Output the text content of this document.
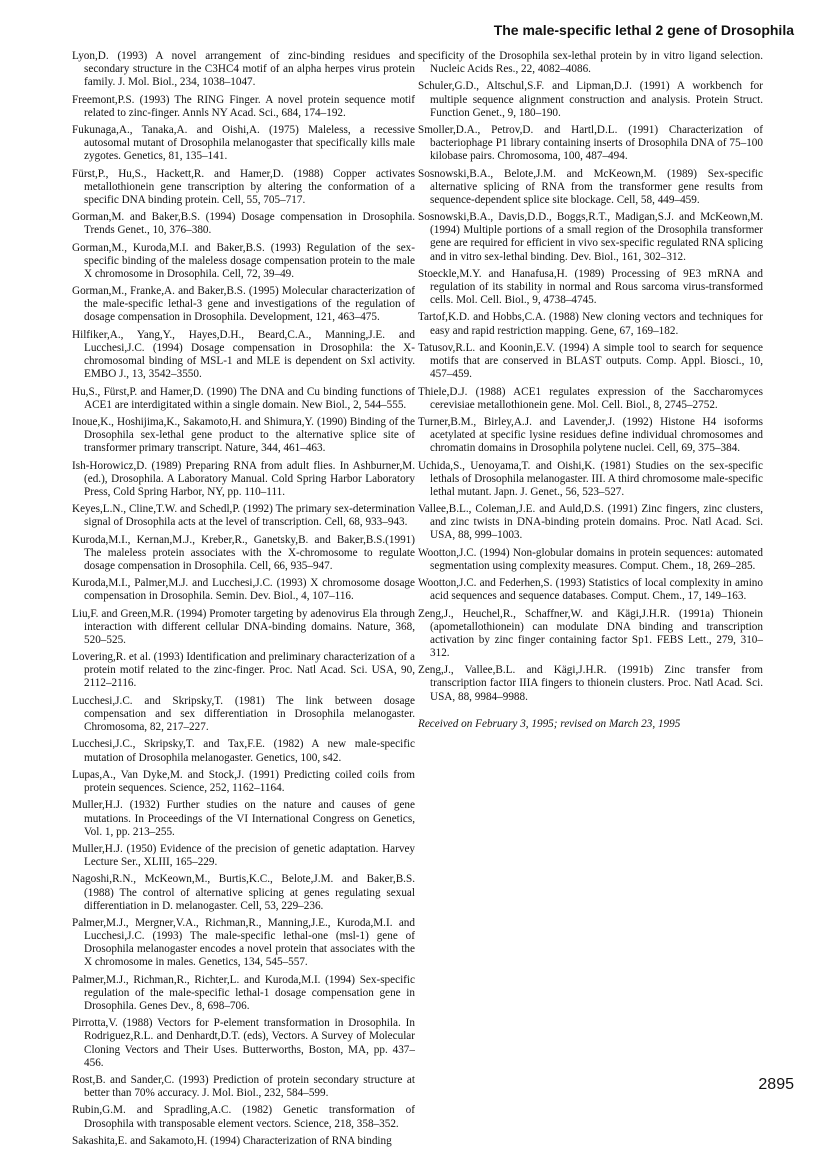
The male-specific lethal 2 gene of Drosophila

Lyon,D. (1993) A novel arrangement of zinc-binding residues and secondary structure in the C3HC4 motif of an alpha herpes virus protein family. J. Mol. Biol., 234, 1038–1047.

Freemont,P.S. (1993) The RING Finger. A novel protein sequence motif related to zinc-finger. Annls NY Acad. Sci., 684, 174–192.

Fukunaga,A., Tanaka,A. and Oishi,A. (1975) Maleless, a recessive autosomal mutant of Drosophila melanogaster that specifically kills male zygotes. Genetics, 81, 135–141.

Fürst,P., Hu,S., Hackett,R. and Hamer,D. (1988) Copper activates metallothionein gene transcription by altering the conformation of a specific DNA binding protein. Cell, 55, 705–717.

Gorman,M. and Baker,B.S. (1994) Dosage compensation in Drosophila. Trends Genet., 10, 376–380.

Gorman,M., Kuroda,M.I. and Baker,B.S. (1993) Regulation of the sex-specific binding of the maleless dosage compensation protein to the male X chromosome in Drosophila. Cell, 72, 39–49.

Gorman,M., Franke,A. and Baker,B.S. (1995) Molecular characterization of the male-specific lethal-3 gene and investigations of the regulation of dosage compensation in Drosophila. Development, 121, 463–475.

Hilfiker,A., Yang,Y., Hayes,D.H., Beard,C.A., Manning,J.E. and Lucchesi,J.C. (1994) Dosage compensation in Drosophila: the X-chromosomal binding of MSL-1 and MLE is dependent on Sxl activity. EMBO J., 13, 3542–3550.

Hu,S., Fürst,P. and Hamer,D. (1990) The DNA and Cu binding functions of ACE1 are interdigitated within a single domain. New Biol., 2, 544–555.

Inoue,K., Hoshijima,K., Sakamoto,H. and Shimura,Y. (1990) Binding of the Drosophila sex-lethal gene product to the alternative splice site of transformer primary transcript. Nature, 344, 461–463.

Ish-Horowicz,D. (1989) Preparing RNA from adult flies. In Ashburner,M. (ed.), Drosophila. A Laboratory Manual. Cold Spring Harbor Laboratory Press, Cold Spring Harbor, NY, pp. 110–111.

Keyes,L.N., Cline,T.W. and Schedl,P. (1992) The primary sex-determination signal of Drosophila acts at the level of transcription. Cell, 68, 933–943.

Kuroda,M.I., Kernan,M.J., Kreber,R., Ganetsky,B. and Baker,B.S.(1991) The maleless protein associates with the X-chromosome to regulate dosage compensation in Drosophila. Cell, 66, 935–947.

Kuroda,M.I., Palmer,M.J. and Lucchesi,J.C. (1993) X chromosome dosage compensation in Drosophila. Semin. Dev. Biol., 4, 107–116.

Liu,F. and Green,M.R. (1994) Promoter targeting by adenovirus Ela through interaction with different cellular DNA-binding domains. Nature, 368, 520–525.

Lovering,R. et al. (1993) Identification and preliminary characterization of a protein motif related to the zinc-finger. Proc. Natl Acad. Sci. USA, 90, 2112–2116.

Lucchesi,J.C. and Skripsky,T. (1981) The link between dosage compensation and sex differentiation in Drosophila melanogaster. Chromosoma, 82, 217–227.

Lucchesi,J.C., Skripsky,T. and Tax,F.E. (1982) A new male-specific mutation of Drosophila melanogaster. Genetics, 100, s42.

Lupas,A., Van Dyke,M. and Stock,J. (1991) Predicting coiled coils from protein sequences. Science, 252, 1162–1164.

Muller,H.J. (1932) Further studies on the nature and causes of gene mutations. In Proceedings of the VI International Congress on Genetics, Vol. 1, pp. 213–255.

Muller,H.J. (1950) Evidence of the precision of genetic adaptation. Harvey Lecture Ser., XLIII, 165–229.

Nagoshi,R.N., McKeown,M., Burtis,K.C., Belote,J.M. and Baker,B.S. (1988) The control of alternative splicing at genes regulating sexual differentiation in D. melanogaster. Cell, 53, 229–236.

Palmer,M.J., Mergner,V.A., Richman,R., Manning,J.E., Kuroda,M.I. and Lucchesi,J.C. (1993) The male-specific lethal-one (msl-1) gene of Drosophila melanogaster encodes a novel protein that associates with the X chromosome in males. Genetics, 134, 545–557.

Palmer,M.J., Richman,R., Richter,L. and Kuroda,M.I. (1994) Sex-specific regulation of the male-specific lethal-1 dosage compensation gene in Drosophila. Genes Dev., 8, 698–706.

Pirrotta,V. (1988) Vectors for P-element transformation in Drosophila. In Rodriguez,R.L. and Denhardt,D.T. (eds), Vectors. A Survey of Molecular Cloning Vectors and Their Uses. Butterworths, Boston, MA, pp. 437–456.

Rost,B. and Sander,C. (1993) Prediction of protein secondary structure at better than 70% accuracy. J. Mol. Biol., 232, 584–599.

Rubin,G.M. and Spradling,A.C. (1982) Genetic transformation of Drosophila with transposable element vectors. Science, 218, 358–352.

Sakashita,E. and Sakamoto,H. (1994) Characterization of RNA binding

specificity of the Drosophila sex-lethal protein by in vitro ligand selection. Nucleic Acids Res., 22, 4082–4086.

Schuler,G.D., Altschul,S.F. and Lipman,D.J. (1991) A workbench for multiple sequence alignment construction and analysis. Protein Struct. Function Genet., 9, 180–190.

Smoller,D.A., Petrov,D. and Hartl,D.L. (1991) Characterization of bacteriophage P1 library containing inserts of Drosophila DNA of 75–100 kilobase pairs. Chromosoma, 100, 487–494.

Sosnowski,B.A., Belote,J.M. and McKeown,M. (1989) Sex-specific alternative splicing of RNA from the transformer gene results from sequence-dependent splice site blockage. Cell, 58, 449–459.

Sosnowski,B.A., Davis,D.D., Boggs,R.T., Madigan,S.J. and McKeown,M. (1994) Multiple portions of a small region of the Drosophila transformer gene are required for efficient in vivo sex-specific regulated RNA splicing and in vitro sex-lethal binding. Dev. Biol., 161, 302–312.

Stoeckle,M.Y. and Hanafusa,H. (1989) Processing of 9E3 mRNA and regulation of its stability in normal and Rous sarcoma virus-transformed cells. Mol. Cell. Biol., 9, 4738–4745.

Tartof,K.D. and Hobbs,C.A. (1988) New cloning vectors and techniques for easy and rapid restriction mapping. Gene, 67, 169–182.

Tatusov,R.L. and Koonin,E.V. (1994) A simple tool to search for sequence motifs that are conserved in BLAST outputs. Comp. Appl. Biosci., 10, 457–459.

Thiele,D.J. (1988) ACE1 regulates expression of the Saccharomyces cerevisiae metallothionein gene. Mol. Cell. Biol., 8, 2745–2752.

Turner,B.M., Birley,A.J. and Lavender,J. (1992) Histone H4 isoforms acetylated at specific lysine residues define individual chromosomes and chromatin domains in Drosophila polytene nuclei. Cell, 69, 375–384.

Uchida,S., Uenoyama,T. and Oishi,K. (1981) Studies on the sex-specific lethals of Drosophila melanogaster. III. A third chromosome male-specific lethal mutant. Japn. J. Genet., 56, 523–527.

Vallee,B.L., Coleman,J.E. and Auld,D.S. (1991) Zinc fingers, zinc clusters, and zinc twists in DNA-binding protein domains. Proc. Natl Acad. Sci. USA, 88, 999–1003.

Wootton,J.C. (1994) Non-globular domains in protein sequences: automated segmentation using complexity measures. Comput. Chem., 18, 269–285.

Wootton,J.C. and Federhen,S. (1993) Statistics of local complexity in amino acid sequences and sequence databases. Comput. Chem., 17, 149–163.

Zeng,J., Heuchel,R., Schaffner,W. and Kägi,J.H.R. (1991a) Thionein (apometallothionein) can modulate DNA binding and transcription activation by zinc finger containing factor Sp1. FEBS Lett., 279, 310–312.

Zeng,J., Vallee,B.L. and Kägi,J.H.R. (1991b) Zinc transfer from transcription factor IIIA fingers to thionein clusters. Proc. Natl Acad. Sci. USA, 88, 9984–9988.

Received on February 3, 1995; revised on March 23, 1995
2895
